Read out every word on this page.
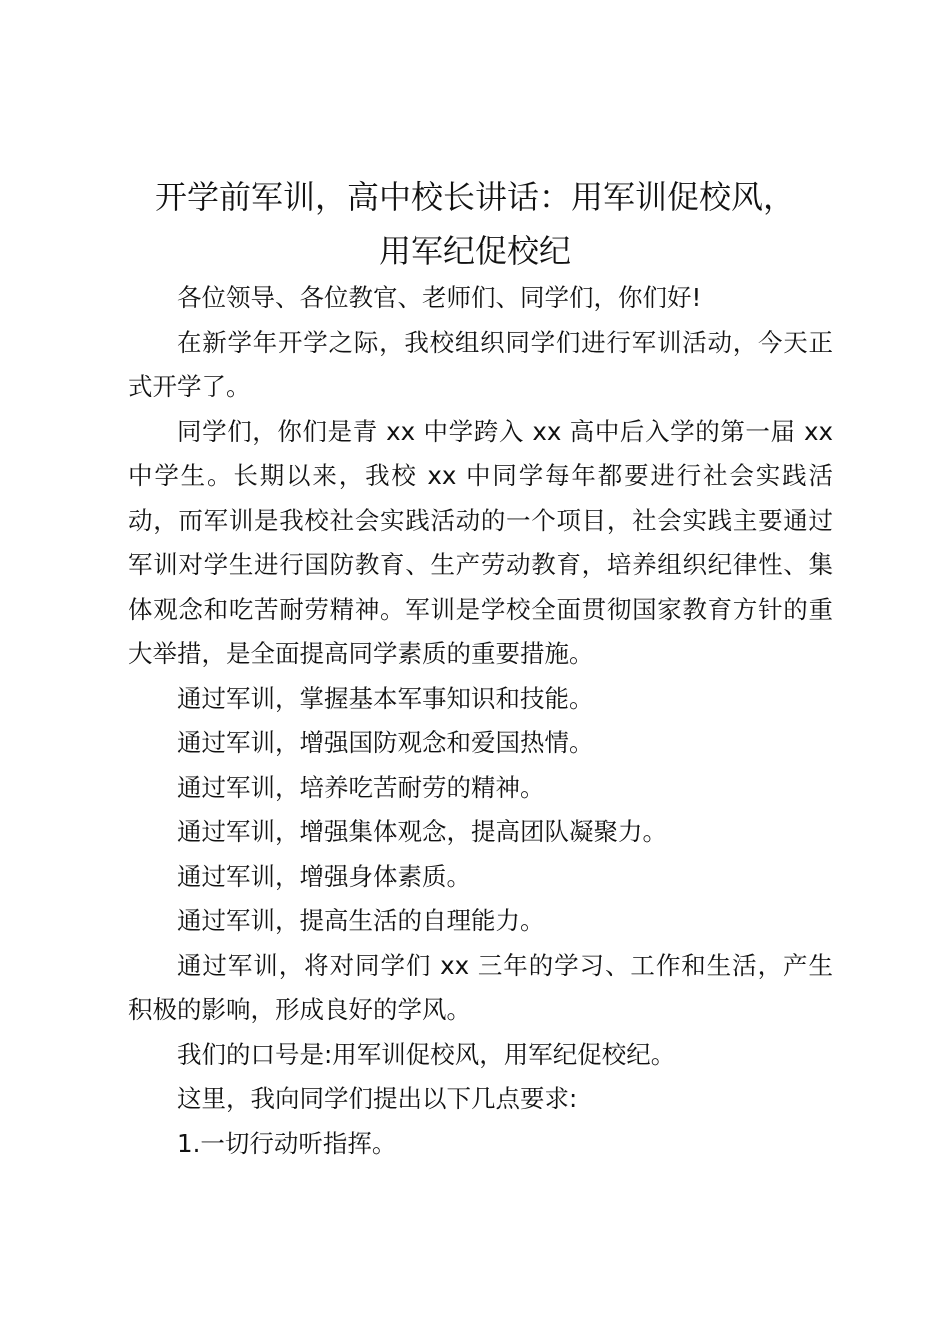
开学前军训，高中校长讲话：用军训促校风，
用军纪促校纪

各位领导、各位教官、老师们、同学们，你们好!

在新学年开学之际，我校组织同学们进行军训活动，今天正式开学了。

同学们，你们是青 xx 中学跨入 xx 高中后入学的第一届 xx 中学生。长期以来，我校 xx 中同学每年都要进行社会实践活动，而军训是我校社会实践活动的一个项目，社会实践主要通过军训对学生进行国防教育、生产劳动教育，培养组织纪律性、集体观念和吃苦耐劳精神。军训是学校全面贯彻国家教育方针的重大举措，是全面提高同学素质的重要措施。

通过军训，掌握基本军事知识和技能。

通过军训，增强国防观念和爱国热情。

通过军训，培养吃苦耐劳的精神。

通过军训，增强集体观念，提高团队凝聚力。

通过军训，增强身体素质。

通过军训，提高生活的自理能力。

通过军训，将对同学们 xx 三年的学习、工作和生活，产生积极的影响，形成良好的学风。

我们的口号是:用军训促校风，用军纪促校纪。

这里，我向同学们提出以下几点要求:

1.一切行动听指挥。
